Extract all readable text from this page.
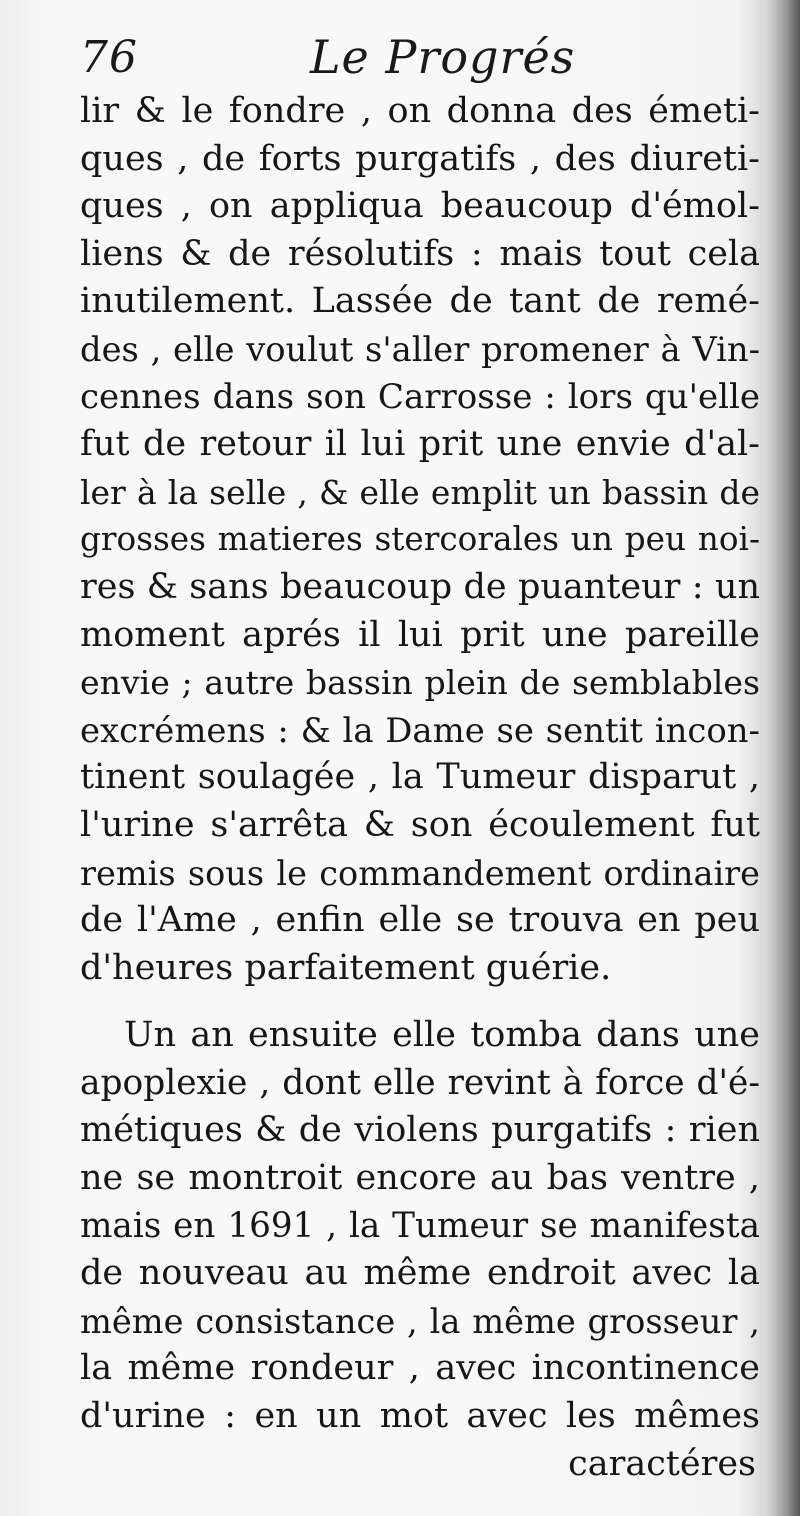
76	Le Progrés
lir & le fondre , on donna des émeti-
ques , de forts purgatifs , des diureti-
ques , on appliqua beaucoup d'émol-
liens & de résolutifs : mais tout cela
inutilement. Lassée de tant de remé-
des , elle voulut s'aller promener à Vin-
cennes dans son Carrosse : lors qu'elle
fut de retour il lui prit une envie d'al-
ler à la selle , & elle emplit un bassin de
grosses matieres stercorales un peu noi-
res & sans beaucoup de puanteur : un
moment aprés il lui prit une pareille
envie ; autre bassin plein de semblables
excrémens : & la Dame se sentit incon-
tinent soulagée , la Tumeur disparut ,
l'urine s'arrêta & son écoulement fut
remis sous le commandement ordinaire
de l'Ame , enfin elle se trouva en peu
d'heures parfaitement guérie.
Un an ensuite elle tomba dans une
apoplexie , dont elle revint à force d'é-
métiques & de violens purgatifs : rien
ne se montroit encore au bas ventre ,
mais en 1691 , la Tumeur se manifesta
de nouveau au même endroit avec la
même consistance , la même grosseur ,
la même rondeur , avec incontinence
d'urine : en un mot avec les mêmes
caractéres
